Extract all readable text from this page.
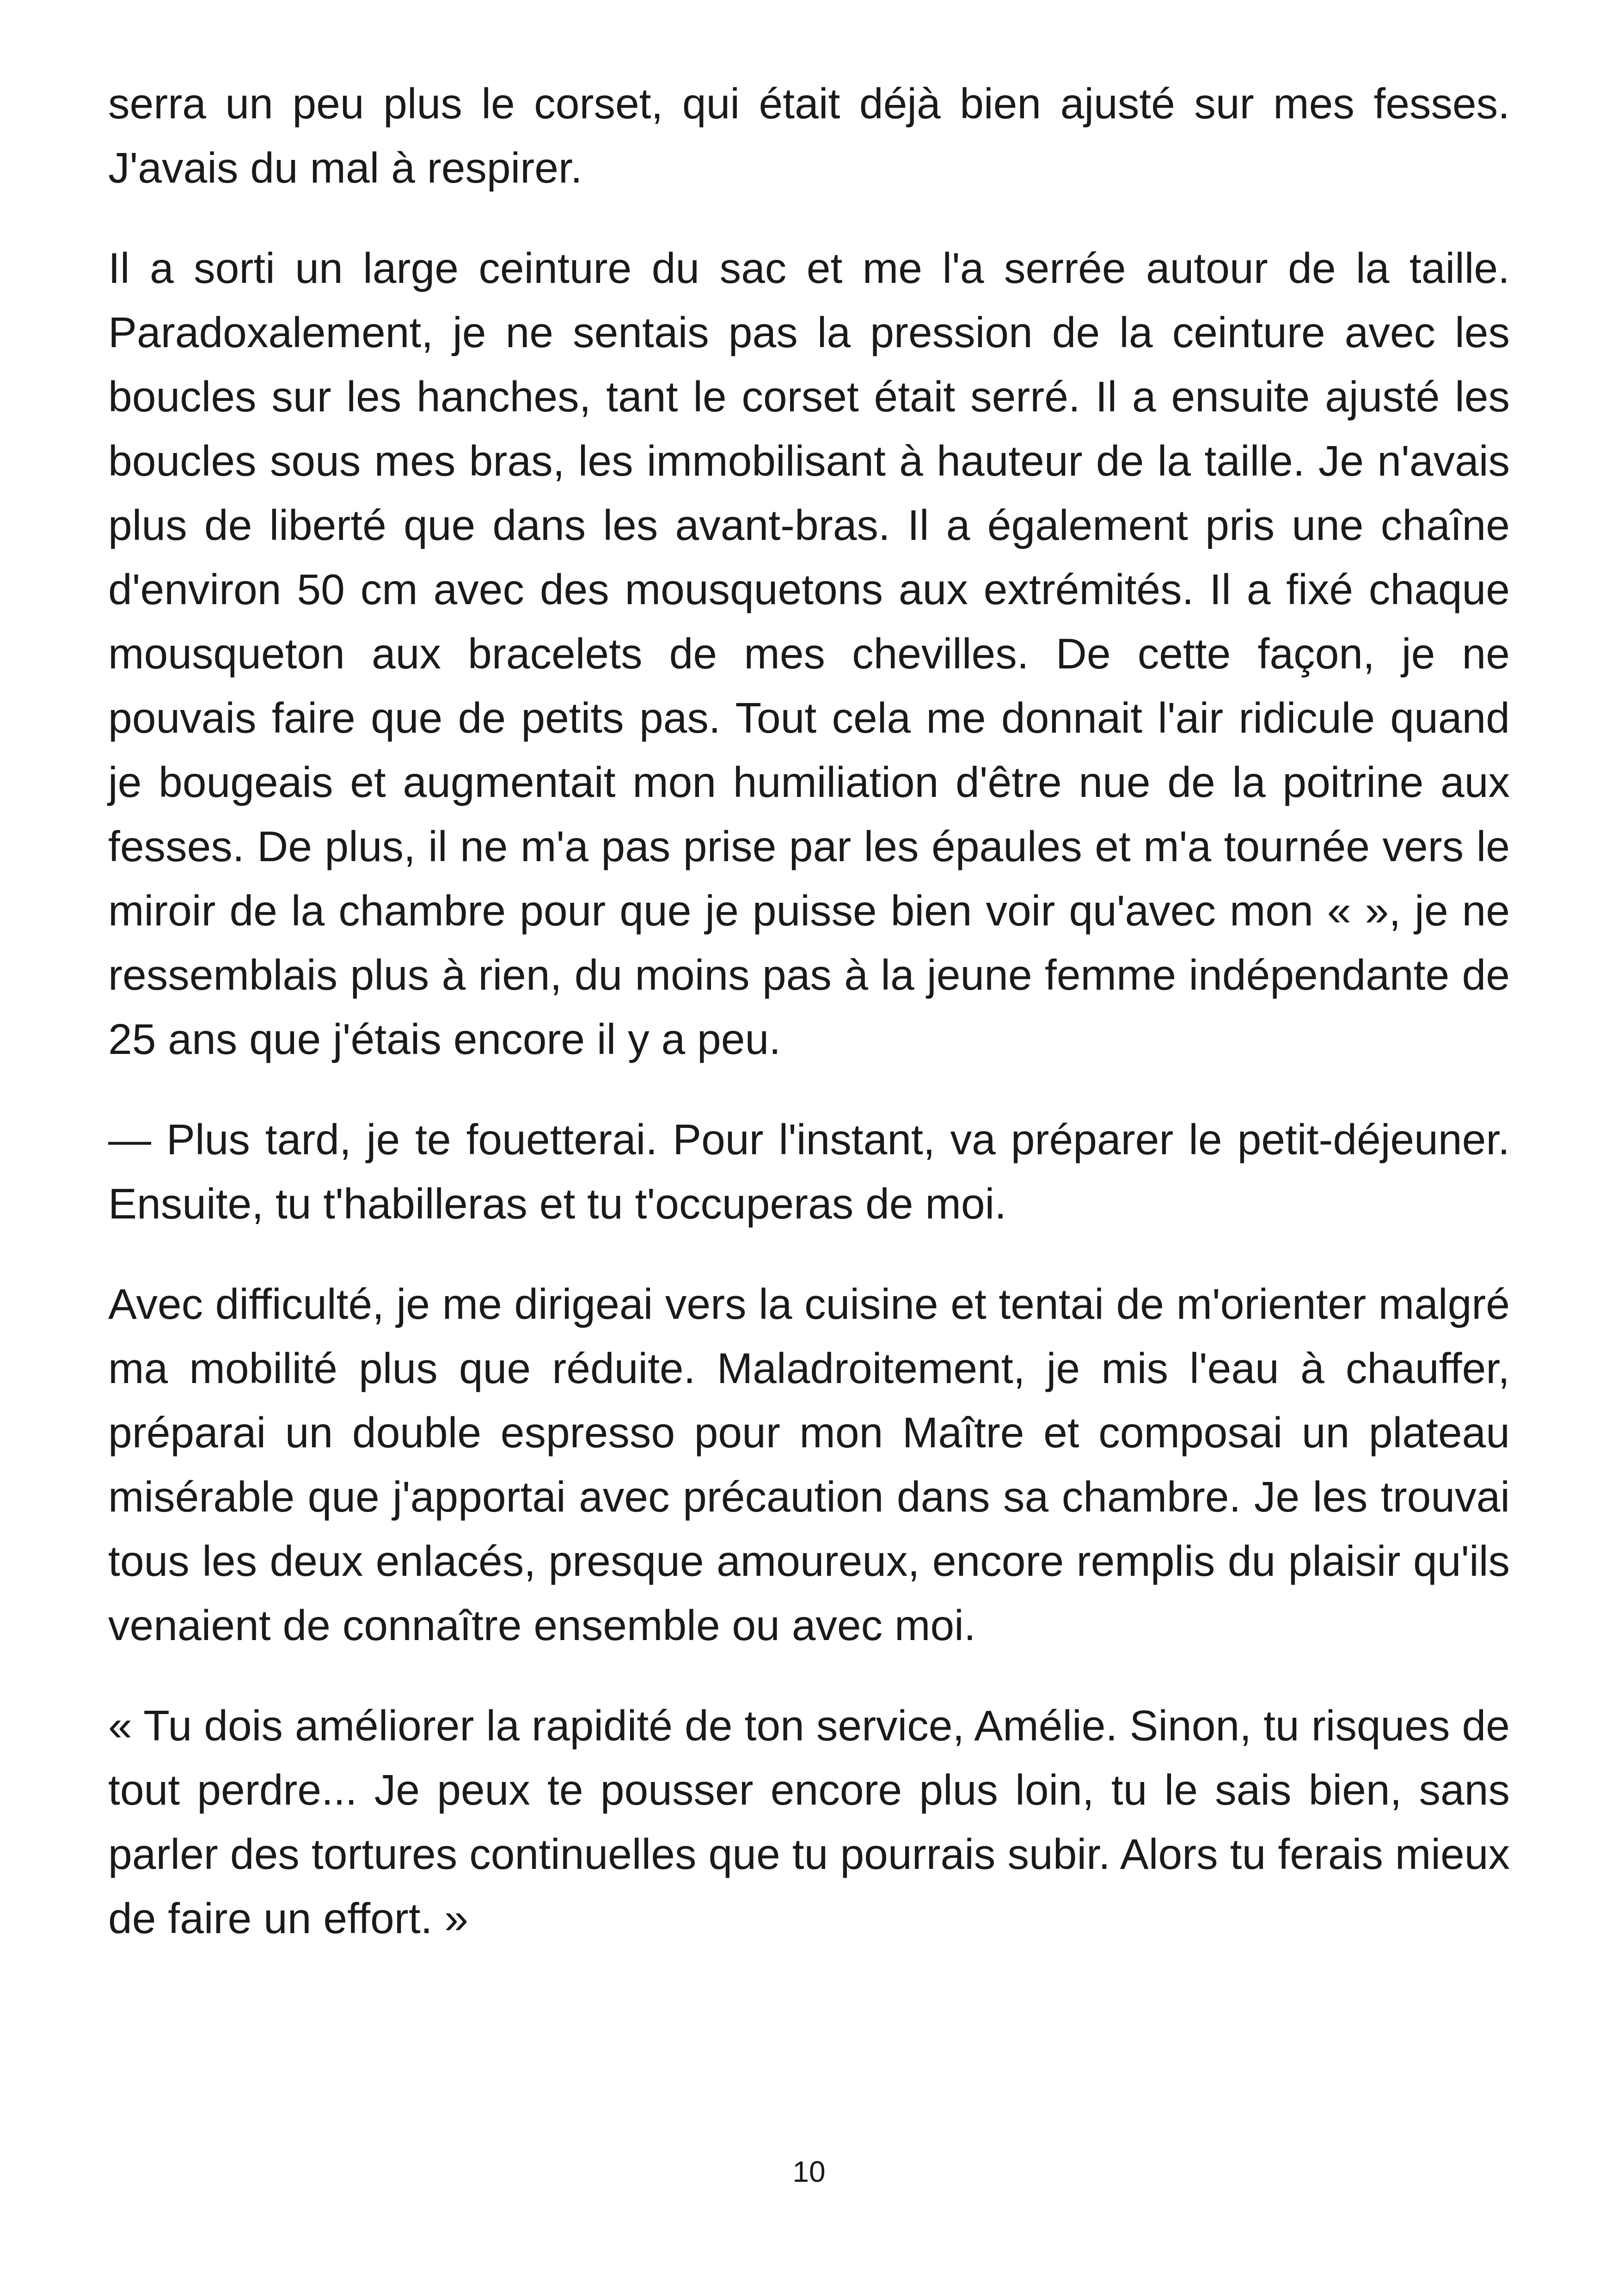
serra un peu plus le corset, qui était déjà bien ajusté sur mes fesses. J'avais du mal à respirer.

Il a sorti un large ceinture du sac et me l'a serrée autour de la taille. Paradoxalement, je ne sentais pas la pression de la ceinture avec les boucles sur les hanches, tant le corset était serré. Il a ensuite ajusté les boucles sous mes bras, les immobilisant à hauteur de la taille. Je n'avais plus de liberté que dans les avant-bras. Il a également pris une chaîne d'environ 50 cm avec des mousquetons aux extrémités. Il a fixé chaque mousqueton aux bracelets de mes chevilles. De cette façon, je ne pouvais faire que de petits pas. Tout cela me donnait l'air ridicule quand je bougeais et augmentait mon humiliation d'être nue de la poitrine aux fesses. De plus, il ne m'a pas prise par les épaules et m'a tournée vers le miroir de la chambre pour que je puisse bien voir qu'avec mon « », je ne ressemblais plus à rien, du moins pas à la jeune femme indépendante de 25 ans que j'étais encore il y a peu.

— Plus tard, je te fouetterai. Pour l'instant, va préparer le petit-déjeuner. Ensuite, tu t'habilleras et tu t'occuperas de moi.

Avec difficulté, je me dirigeai vers la cuisine et tentai de m'orienter malgré ma mobilité plus que réduite. Maladroitement, je mis l'eau à chauffer, préparai un double espresso pour mon Maître et composai un plateau misérable que j'apportai avec précaution dans sa chambre. Je les trouvai tous les deux enlacés, presque amoureux, encore remplis du plaisir qu'ils venaient de connaître ensemble ou avec moi.

« Tu dois améliorer la rapidité de ton service, Amélie. Sinon, tu risques de tout perdre... Je peux te pousser encore plus loin, tu le sais bien, sans parler des tortures continuelles que tu pourrais subir. Alors tu ferais mieux de faire un effort. »

10
